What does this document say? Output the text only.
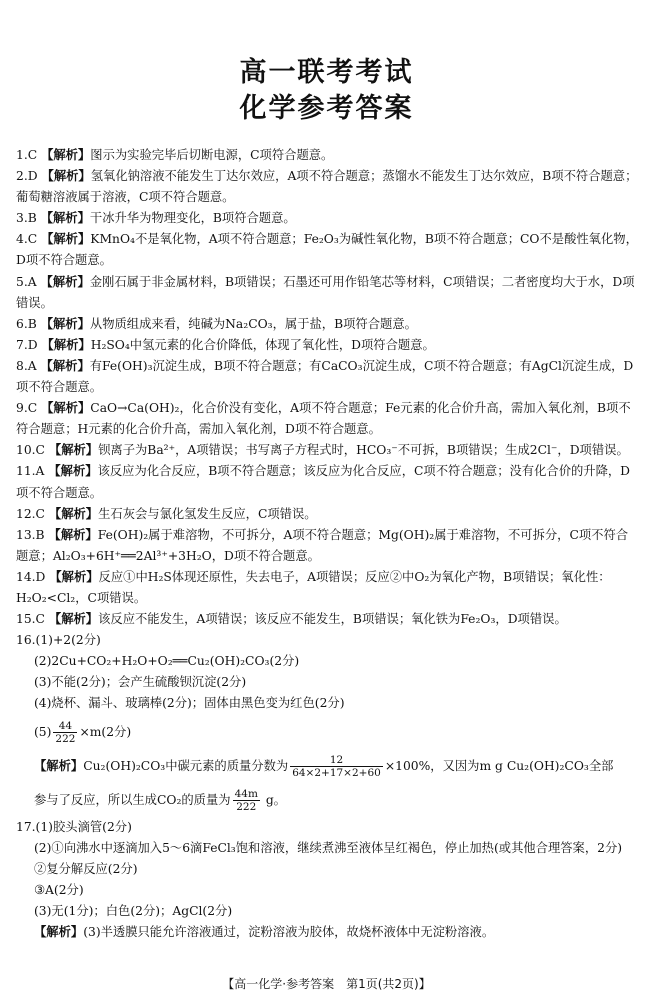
高一联考考试
化学参考答案

1.C 【解析】图示为实验完毕后切断电源，C项符合题意。

2.D 【解析】氢氧化钠溶液不能发生丁达尔效应，A项不符合题意；蒸馏水不能发生丁达尔效应，B项不符合题意；葡萄糖溶液属于溶液，C项不符合题意。

3.B 【解析】干冰升华为物理变化，B项符合题意。

4.C 【解析】KMnO₄不是氧化物，A项不符合题意；Fe₂O₃为碱性氧化物，B项不符合题意；CO不是酸性氧化物，D项不符合题意。

5.A 【解析】金刚石属于非金属材料，B项错误；石墨还可用作铅笔芯等材料，C项错误；二者密度均大于水，D项错误。

6.B 【解析】从物质组成来看，纯碱为Na₂CO₃，属于盐，B项符合题意。

7.D 【解析】H₂SO₄中氢元素的化合价降低，体现了氧化性，D项符合题意。

8.A 【解析】有Fe(OH)₃沉淀生成，B项不符合题意；有CaCO₃沉淀生成，C项不符合题意；有AgCl沉淀生成，D项不符合题意。

9.C 【解析】CaO→Ca(OH)₂，化合价没有变化，A项不符合题意；Fe元素的化合价升高，需加入氧化剂，B项不符合题意；H元素的化合价升高，需加入氧化剂，D项不符合题意。

10.C 【解析】钡离子为Ba²⁺，A项错误；书写离子方程式时，HCO₃⁻不可拆，B项错误；生成2Cl⁻，D项错误。

11.A 【解析】该反应为化合反应，B项不符合题意；该反应为化合反应，C项不符合题意；没有化合价的升降，D项不符合题意。

12.C 【解析】生石灰会与氯化氢发生反应，C项错误。

13.B 【解析】Fe(OH)₂属于难溶物，不可拆分，A项不符合题意；Mg(OH)₂属于难溶物，不可拆分，C项不符合题意；Al₂O₃+6H⁺══2Al³⁺+3H₂O，D项不符合题意。

14.D 【解析】反应①中H₂S体现还原性，失去电子，A项错误；反应②中O₂为氧化产物，B项错误；氧化性：H₂O₂<Cl₂，C项错误。

15.C 【解析】该反应不能发生，A项错误；该反应不能发生，B项错误；氧化铁为Fe₂O₃，D项错误。

16.(1)+2(2分)

(2)2Cu+CO₂+H₂O+O₂══Cu₂(OH)₂CO₃(2分)

(3)不能(2分)；会产生硫酸钡沉淀(2分)

(4)烧杯、漏斗、玻璃棒(2分)；固体由黑色变为红色(2分)

$(5) \frac{44}{222} \times m(2$分)

【解析】Cu₂(OH)₂CO₃中碳元素的质量分数为 $\frac{12}{64\times 2+17\times 2+60} \times 100\%$，又因为m g Cu₂(OH)₂CO₃全部

参与了反应，所以生成CO₂的质量为 $\frac{44m}{222}$ g。

17.(1)胶头滴管(2分)

(2)①向沸水中逐滴加入5～6滴FeCl₃饱和溶液，继续煮沸至液体呈红褐色，停止加热(或其他合理答案，2分)

②复分解反应(2分)

③A(2分)

(3)无(1分)；白色(2分)；AgCl(2分)

【解析】(3)半透膜只能允许溶液通过，淀粉溶液为胶体，故烧杯液体中无淀粉溶液。

【高一化学·参考答案　第1页(共2页)】
